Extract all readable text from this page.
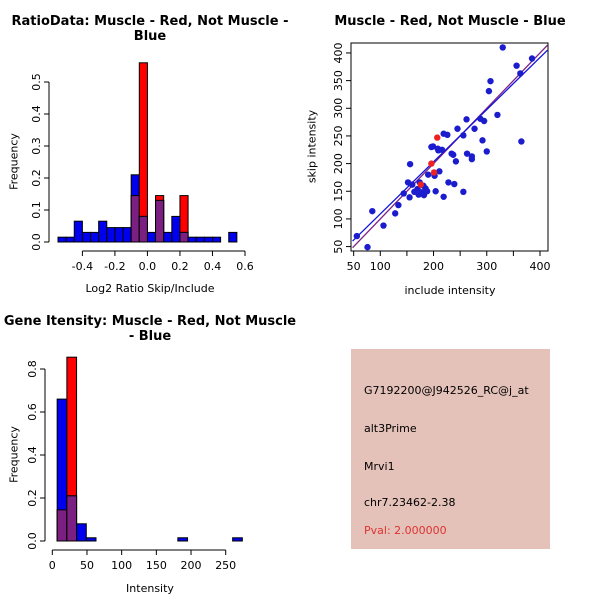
RatioData: Muscle - Red, Not Muscle - Blue
-0.4 -0.2 0.0 0.2 0.4 0.6
0.0
0.1
0.2
0.3
0.4
0.5
Log2 Ratio Skip/Include
Frequency
Muscle - Red, Not Muscle - Blue
50 100	200	300	400
50
100
150
200
250
300
350
400
include intensity
skip intensity
Gene Itensity: Muscle - Red, Not Muscle - Blue
0 50 100 150 200 250
0.0
0.2
0.4
0.6
0.8
Intensity
Frequency
G7192200@J942526_RC@j_at
alt3Prime
Mrvi1
chr7.23462-2.38
Pval: 2.000000
